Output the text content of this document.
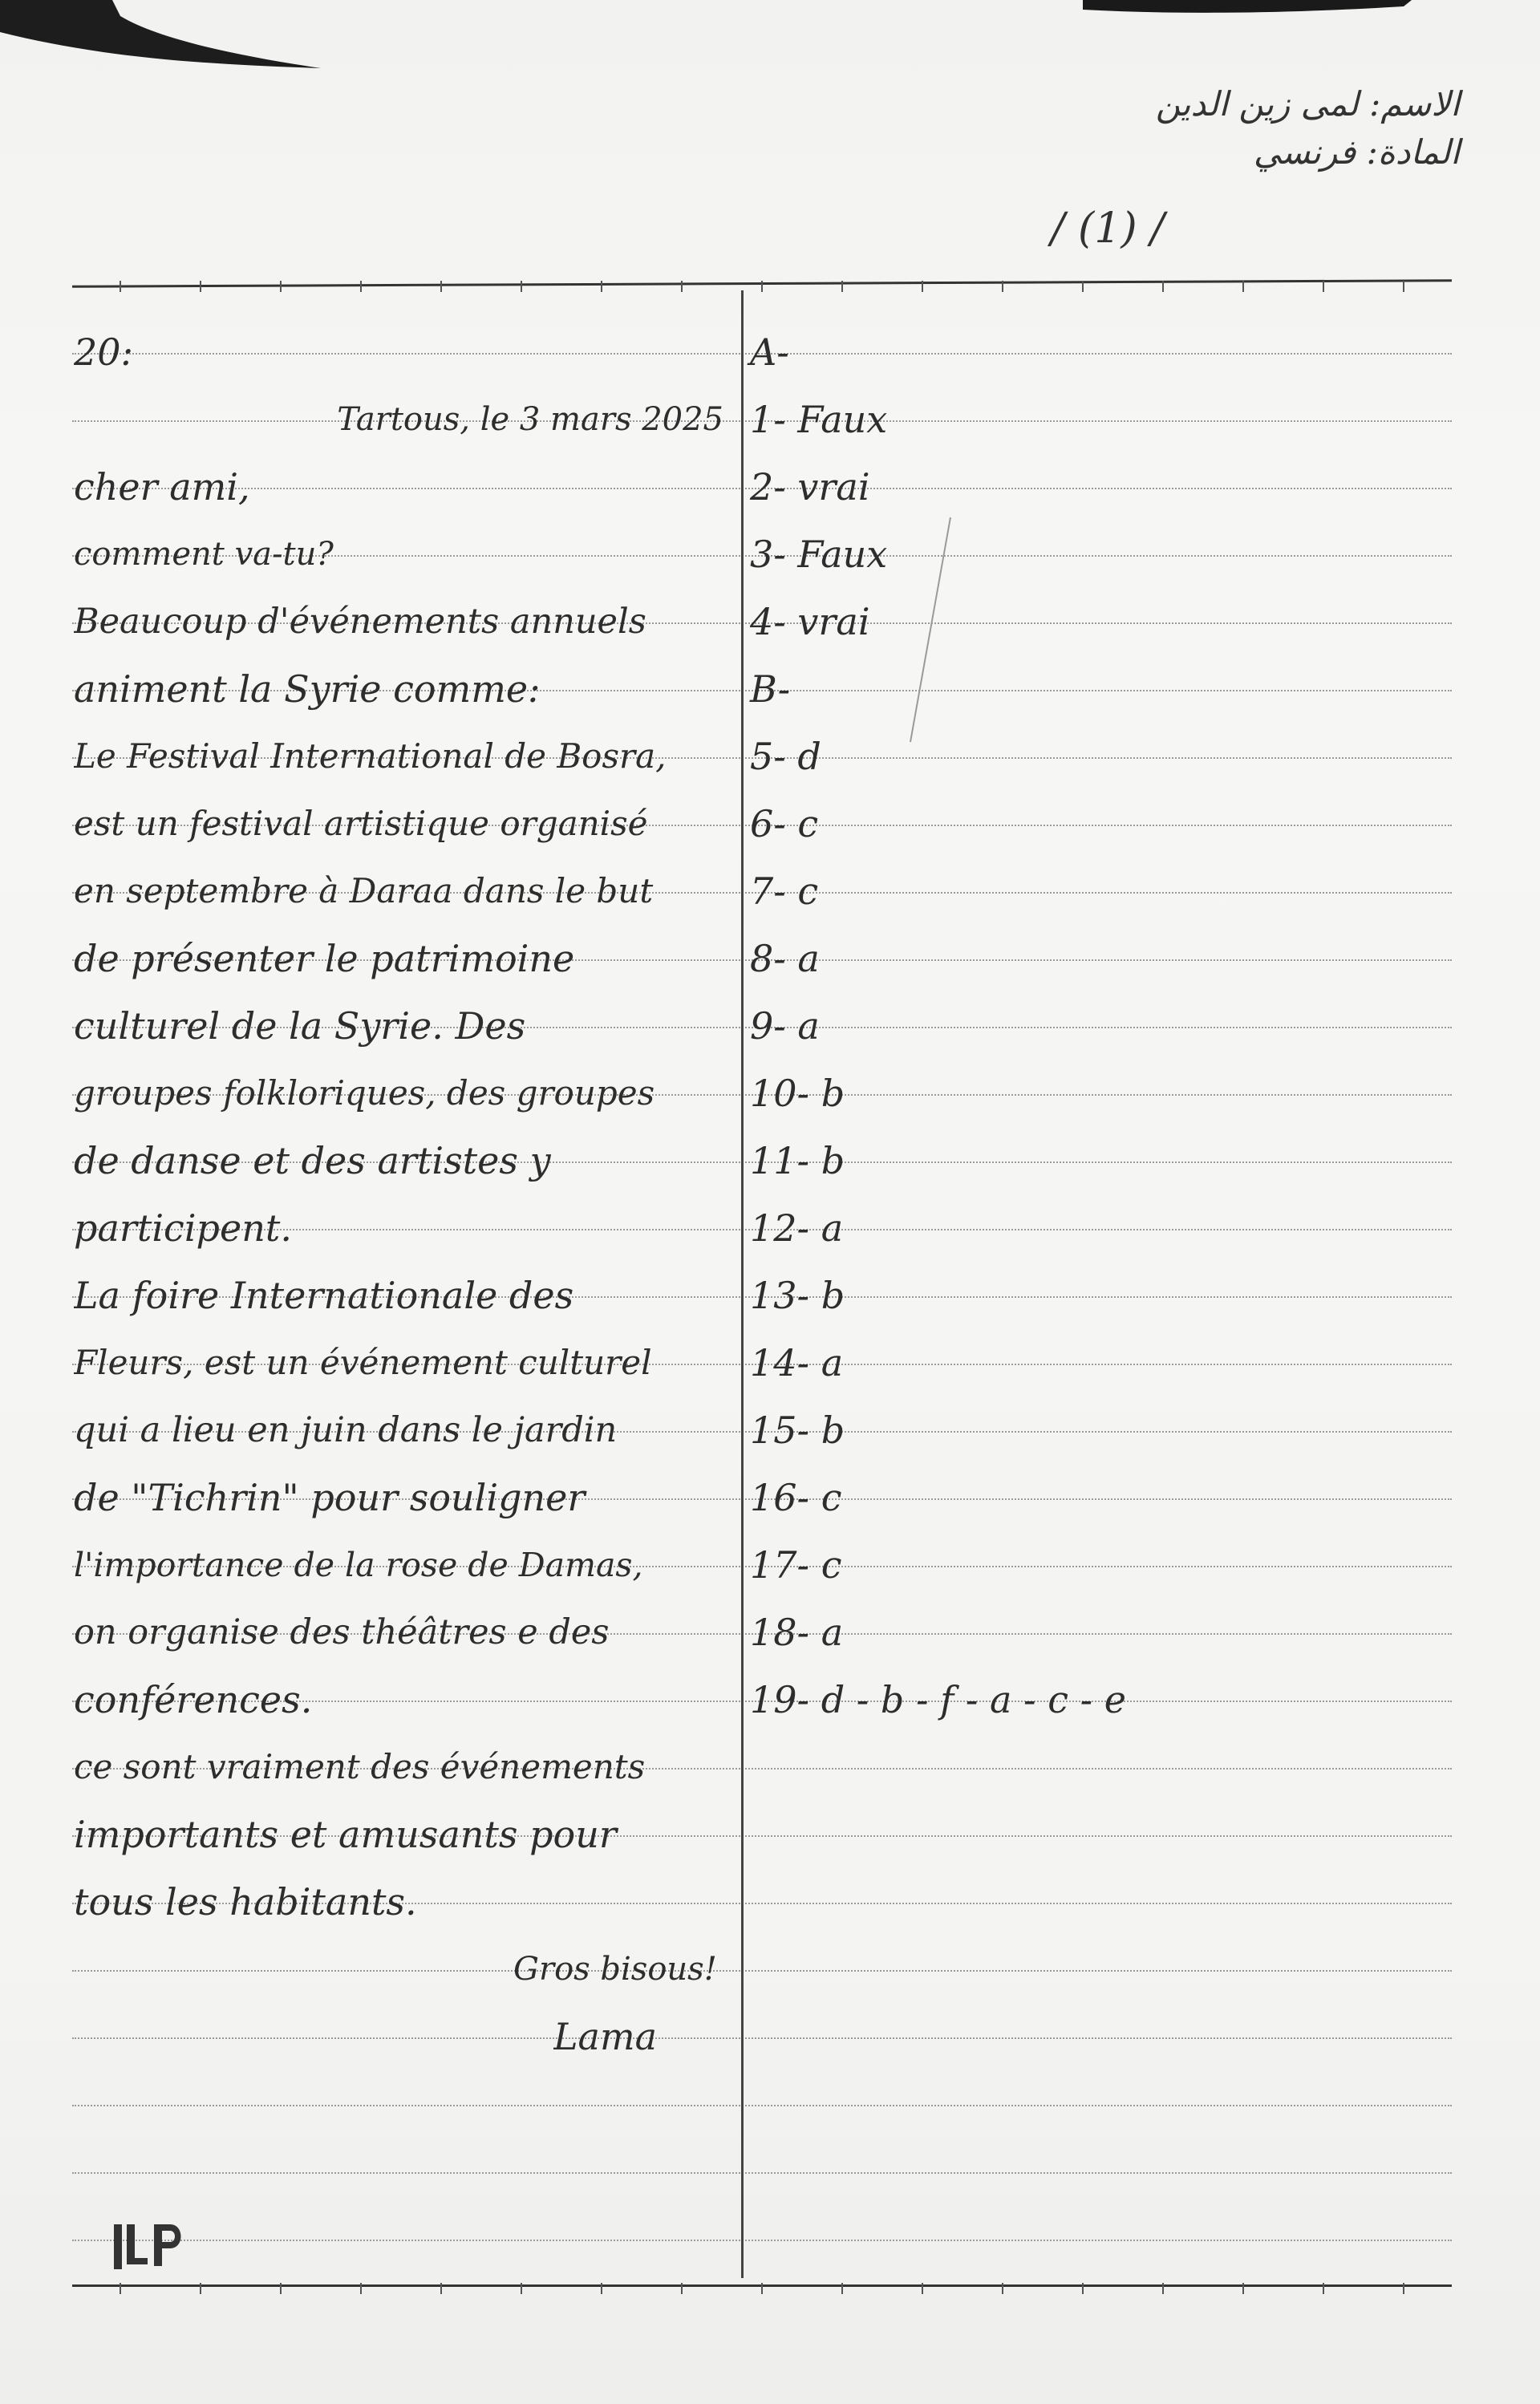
الاسم: لمى زين الدين
المادة: فرنسي
/ (1) /
20:
Tartous, le 3 mars 2025
cher ami,
comment va-tu?
Beaucoup d'événements annuels
animent la Syrie comme:
Le Festival International de Bosra,
est un festival artistique organisé
en septembre à Daraa dans le but
de présenter le patrimoine
culturel de la Syrie. Des
groupes folkloriques, des groupes
de danse et des artistes y
participent.
La foire Internationale des
Fleurs, est un événement culturel
qui a lieu en juin dans le jardin
de "Tichrin" pour souligner
l'importance de la rose de Damas,
on organise des théâtres e des
conférences.
ce sont vraiment des événements
importants et amusants pour
tous les habitants.
Gros bisous!
Lama
A-
1- Faux
2- vrai
3- Faux
4- vrai
B-
5- d
6- c
7- c
8- a
9- a
10- b
11- b
12- a
13- b
14- a
15- b
16- c
17- c
18- a
19- d - b - f - a - c - e
